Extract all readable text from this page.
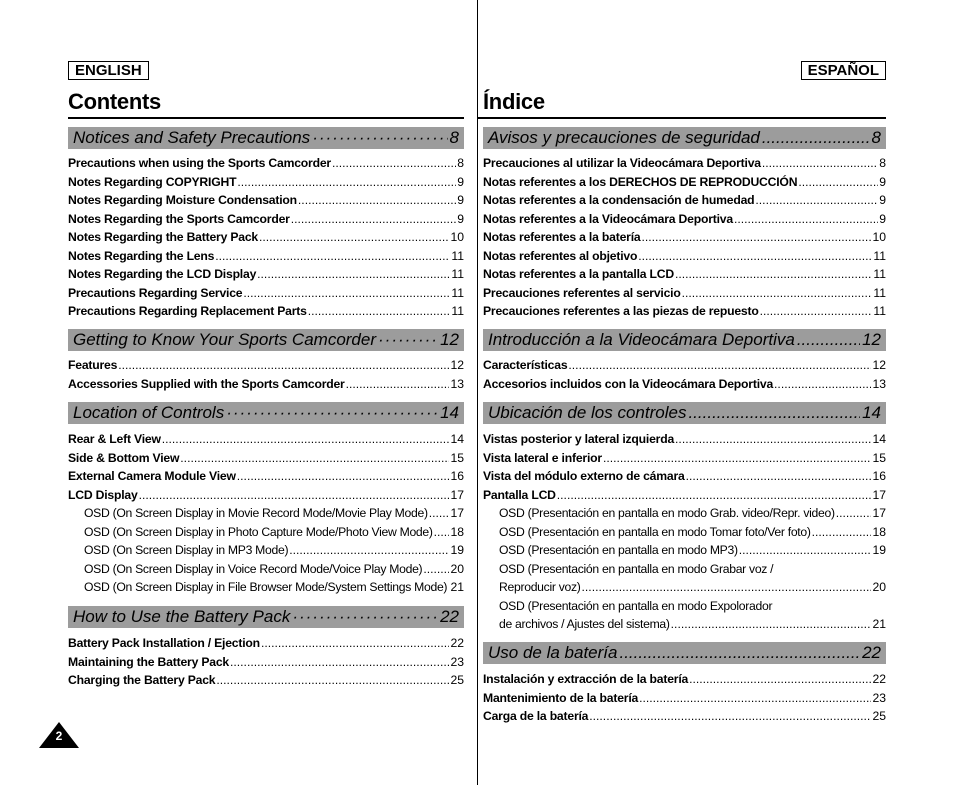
ENGLISH
Contents
Notices and Safety Precautions ·····	8
Precautions when using the Sports Camcorder .....	8
Notes Regarding COPYRIGHT .....	9
Notes Regarding Moisture Condensation .....	9
Notes Regarding the Sports Camcorder .....	9
Notes Regarding the Battery Pack .....	10
Notes Regarding the Lens .....	11
Notes Regarding the LCD Display .....	11
Precautions Regarding Service .....	11
Precautions Regarding Replacement Parts .....	11
Getting to Know Your Sports Camcorder ·····	12
Features .....	12
Accessories Supplied with the Sports Camcorder .....	13
Location of Controls ·····	14
Rear & Left View .....	14
Side & Bottom View .....	15
External Camera Module View .....	16
LCD Display .....	17
OSD (On Screen Display in Movie Record Mode/Movie Play Mode) ..... 17
OSD (On Screen Display in Photo Capture Mode/Photo View Mode) ..... 18
OSD (On Screen Display in MP3 Mode) .....	19
OSD (On Screen Display in Voice Record Mode/Voice Play Mode) ..... 20
OSD (On Screen Display in File Browser Mode/System Settings Mode) ..... 21
How to Use the Battery Pack ·····	22
Battery Pack Installation / Ejection .....	22
Maintaining the Battery Pack .....	23
Charging the Battery Pack .....	25
ESPAÑOL
Índice
Avisos y precauciones de seguridad .....	8
Precauciones al utilizar la Videocámara Deportiva .....	8
Notas referentes a los DERECHOS DE REPRODUCCIÓN .....	9
Notas referentes a la condensación de humedad .....	9
Notas referentes a la Videocámara Deportiva .....	9
Notas referentes a la batería .....	10
Notas referentes al objetivo .....	11
Notas referentes a la pantalla LCD .....	11
Precauciones referentes al servicio .....	11
Precauciones referentes a las piezas de repuesto .....	11
Introducción a la Videocámara Deportiva .....	12
Características .....	12
Accesorios incluidos con la Videocámara Deportiva .....	13
Ubicación de los controles .....	14
Vistas posterior y lateral izquierda .....	14
Vista lateral e inferior .....	15
Vista del módulo externo de cámara .....	16
Pantalla LCD .....	17
OSD (Presentación en pantalla en modo Grab. video/Repr. video) .....	17
OSD (Presentación en pantalla en modo Tomar foto/Ver foto) .....	18
OSD (Presentación en pantalla en modo MP3) .....	19
OSD (Presentación en pantalla en modo Grabar voz /
Reproducir voz) .....	20
OSD (Presentación en pantalla en modo Expolorador
de archivos / Ajustes del sistema) .....	21
Uso de la batería .....	22
Instalación y extracción de la batería .....	22
Mantenimiento de la batería .....	23
Carga de la batería .....	25
2
